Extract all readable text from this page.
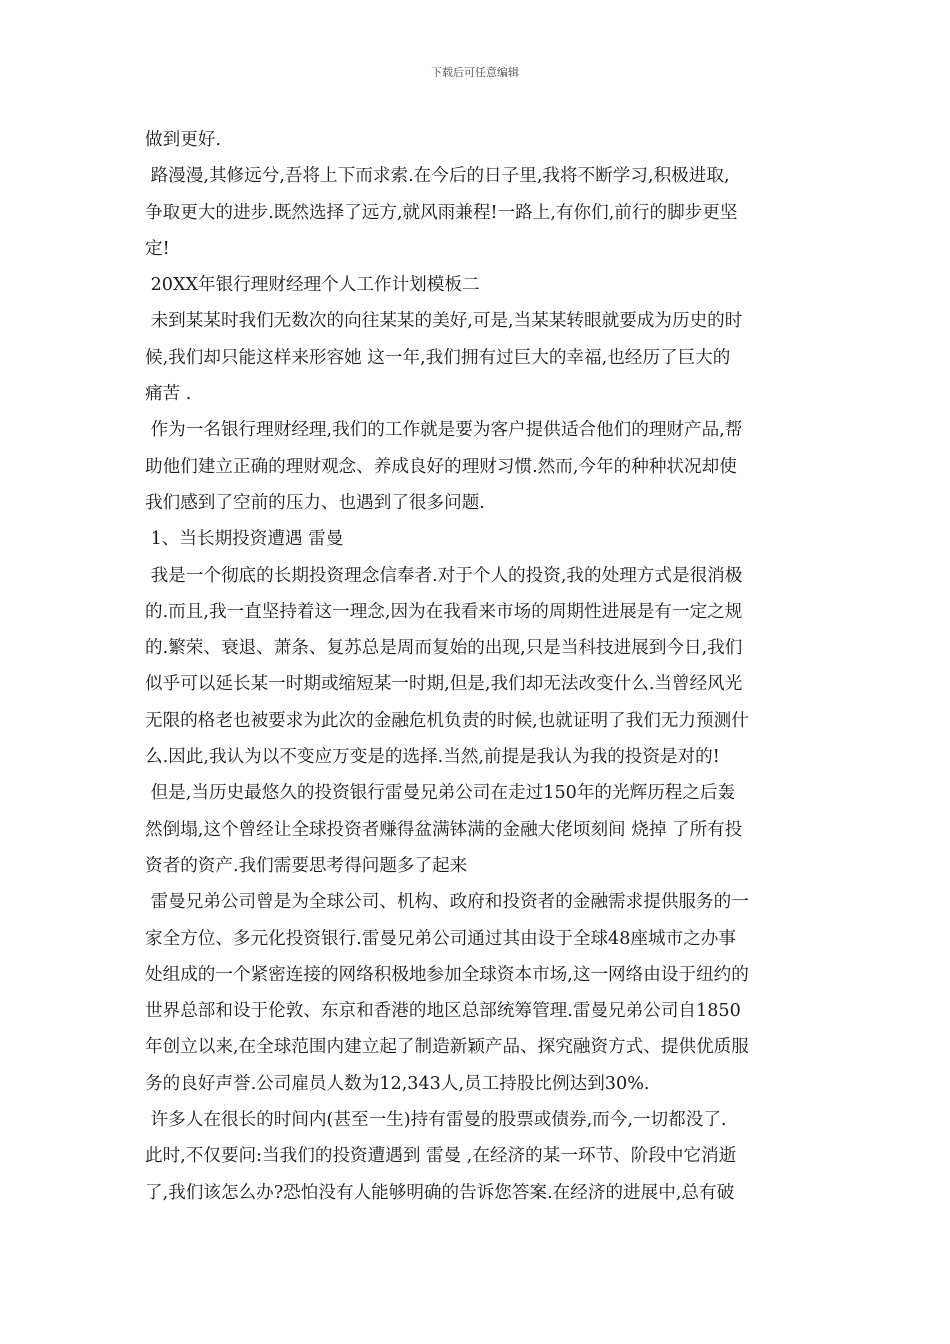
下载后可任意编辑
做到更好.
路漫漫,其修远兮,吾将上下而求索.在今后的日子里,我将不断学习,积极进取,
争取更大的进步.既然选择了远方,就风雨兼程!一路上,有你们,前行的脚步更坚
定!
20XX年银行理财经理个人工作计划模板二
未到某某时我们无数次的向往某某的美好,可是,当某某转眼就要成为历史的时
候,我们却只能这样来形容她 这一年,我们拥有过巨大的幸福,也经历了巨大的
痛苦 .
作为一名银行理财经理,我们的工作就是要为客户提供适合他们的理财产品,帮
助他们建立正确的理财观念、养成良好的理财习惯.然而,今年的种种状况却使
我们感到了空前的压力、也遇到了很多问题.
1、当长期投资遭遇 雷曼
我是一个彻底的长期投资理念信奉者.对于个人的投资,我的处理方式是很消极
的.而且,我一直坚持着这一理念,因为在我看来市场的周期性进展是有一定之规
的.繁荣、衰退、萧条、复苏总是周而复始的出现,只是当科技进展到今日,我们
似乎可以延长某一时期或缩短某一时期,但是,我们却无法改变什么.当曾经风光
无限的格老也被要求为此次的金融危机负责的时候,也就证明了我们无力预测什
么.因此,我认为以不变应万变是的选择.当然,前提是我认为我的投资是对的!
但是,当历史最悠久的投资银行雷曼兄弟公司在走过150年的光辉历程之后轰
然倒塌,这个曾经让全球投资者赚得盆满钵满的金融大佬顷刻间 烧掉 了所有投
资者的资产.我们需要思考得问题多了起来
雷曼兄弟公司曾是为全球公司、机构、政府和投资者的金融需求提供服务的一
家全方位、多元化投资银行.雷曼兄弟公司通过其由设于全球48座城市之办事
处组成的一个紧密连接的网络积极地参加全球资本市场,这一网络由设于纽约的
世界总部和设于伦敦、东京和香港的地区总部统筹管理.雷曼兄弟公司自1850
年创立以来,在全球范围内建立起了制造新颖产品、探究融资方式、提供优质服
务的良好声誉.公司雇员人数为12,343人,员工持股比例达到30%.
许多人在很长的时间内(甚至一生)持有雷曼的股票或债券,而今,一切都没了.
此时,不仅要问:当我们的投资遭遇到 雷曼 ,在经济的某一环节、阶段中它消逝
了,我们该怎么办?恐怕没有人能够明确的告诉您答案.在经济的进展中,总有破
